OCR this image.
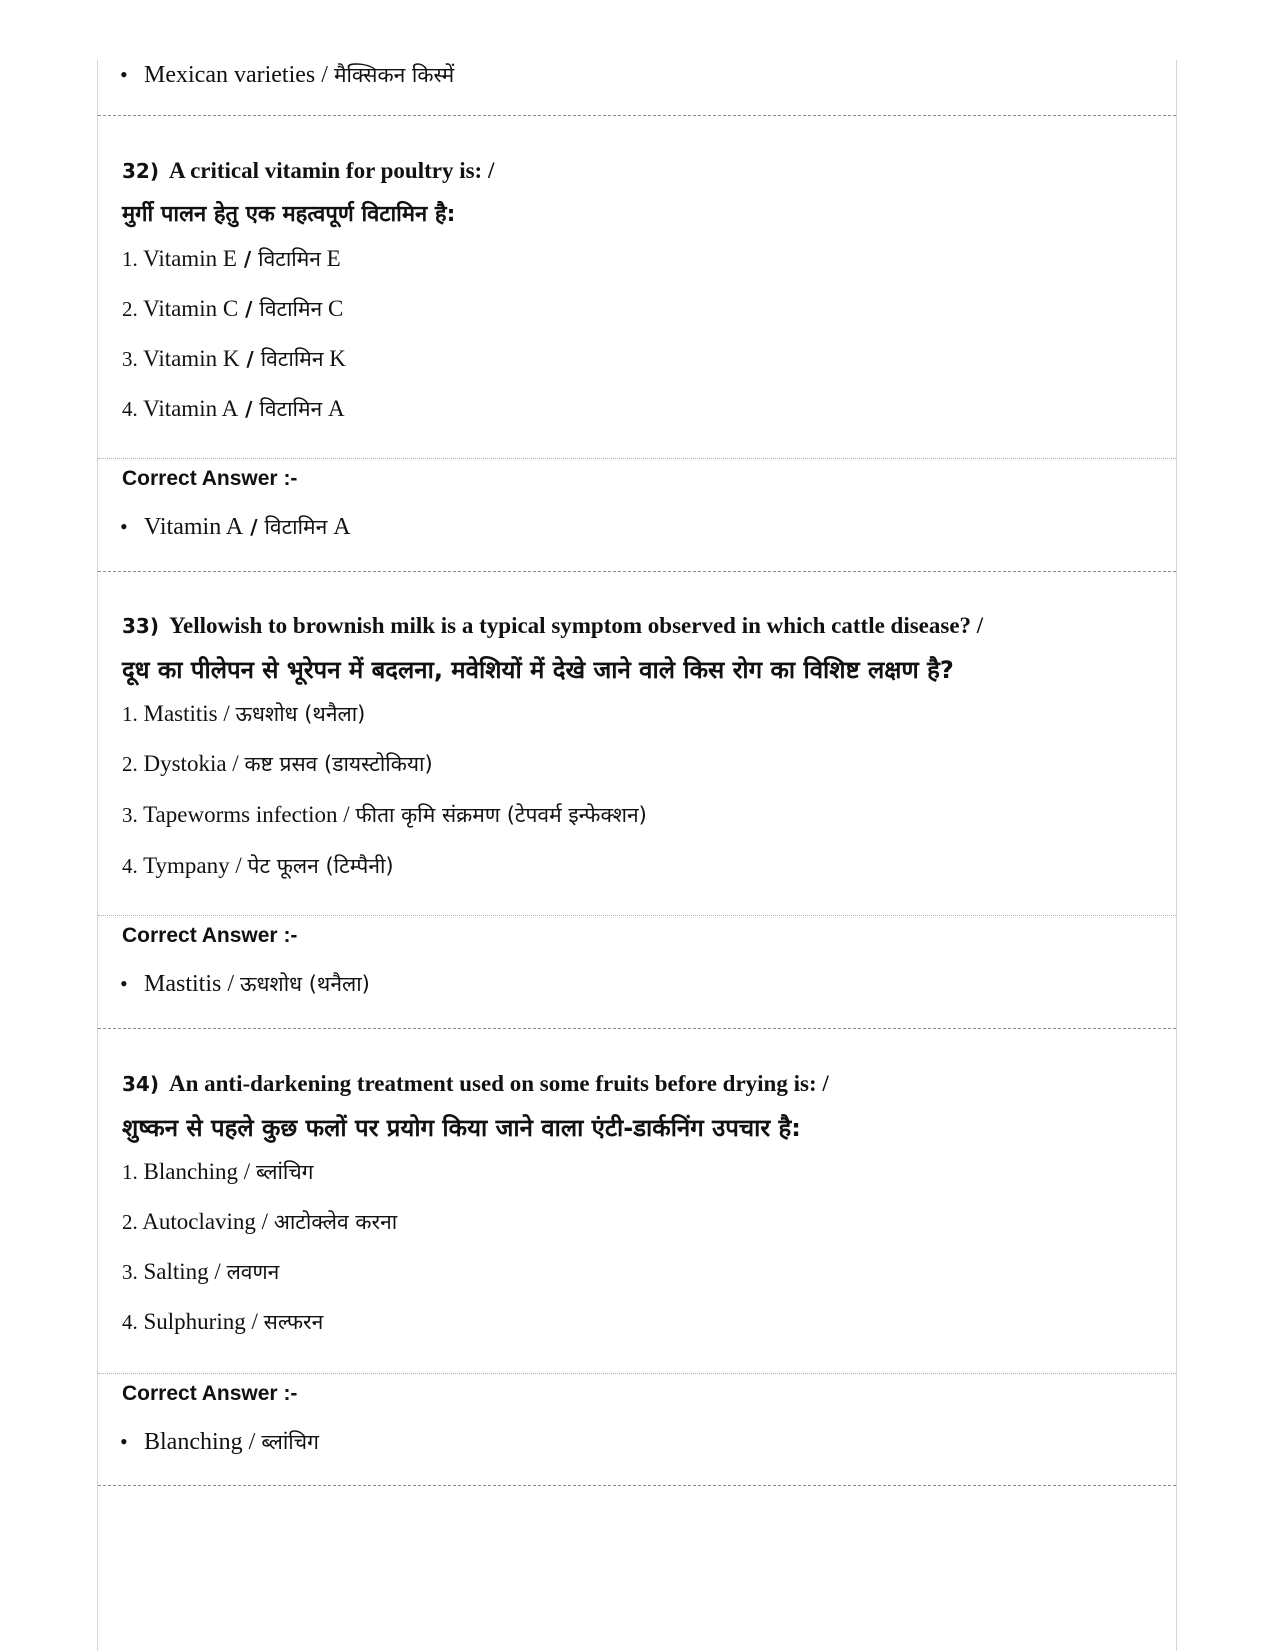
• Mexican varieties / मैक्सिकन किस्में
32) A critical vitamin for poultry is: /
मुर्गी पालन हेतु एक महत्वपूर्ण विटामिन है:
1. Vitamin E / विटामिन E
2. Vitamin C / विटामिन C
3. Vitamin K / विटामिन K
4. Vitamin A / विटामिन A
Correct Answer :-
• Vitamin A / विटामिन A
33) Yellowish to brownish milk is a typical symptom observed in which cattle disease? /
दूध का पीलेपन से भूरेपन में बदलना, मवेशियों में देखे जाने वाले किस रोग का विशिष्ट लक्षण है?
1. Mastitis / ऊधशोध (थनैला)
2. Dystokia / कष्ट प्रसव (डायस्टोकिया)
3. Tapeworms infection / फीता कृमि संक्रमण (टेपवर्म इन्फेक्शन)
4. Tympany / पेट फूलन (टिम्पैनी)
Correct Answer :-
• Mastitis / ऊधशोध (थनैला)
34) An anti-darkening treatment used on some fruits before drying is: /
शुष्कन से पहले कुछ फलों पर प्रयोग किया जाने वाला एंटी-डार्कनिंग उपचार है:
1. Blanching / ब्लांचिग
2. Autoclaving / आटोक्लेव करना
3. Salting / लवणन
4. Sulphuring / सल्फरन
Correct Answer :-
• Blanching / ब्लांचिग
